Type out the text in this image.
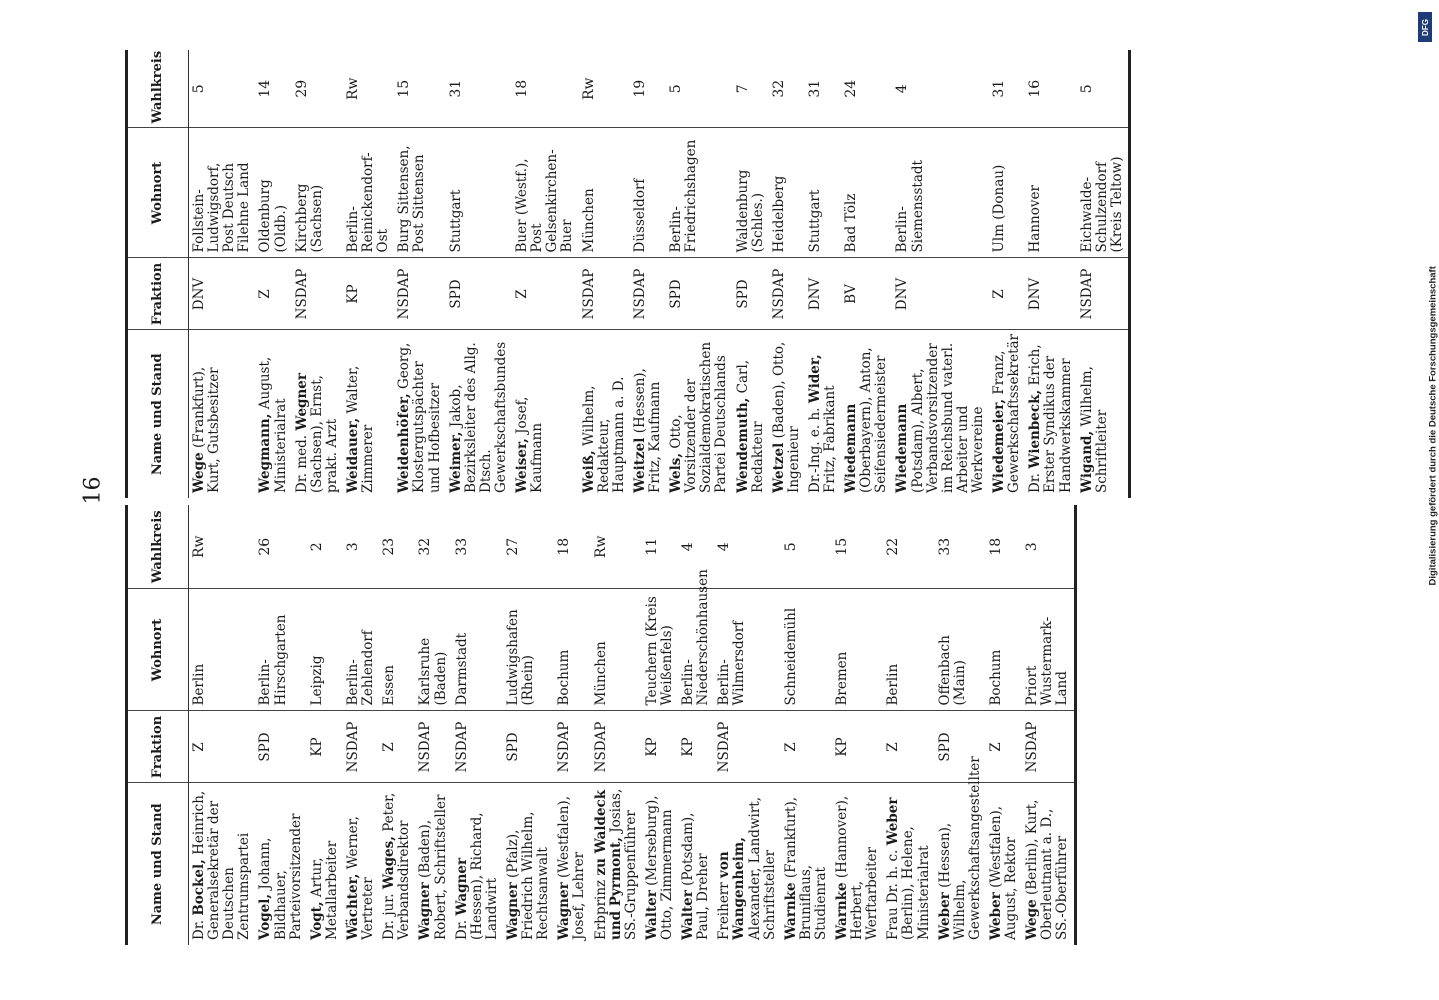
16
Name und Stand	Fraktion	Wohnort	Wahlkreis
Dr. Bockel, Heinrich, Generalsekretär der Deutschen Zentrumspartei	Z	Berlin	Rw
Vogel, Johann, Bildhauer, Parteivorsitzender	SPD	Berlin-Hirschgarten	26
Vogt, Artur, Metallarbeiter	KP	Leipzig	2
Wächter, Werner, Vertreter	NSDAP	Berlin-Zehlendorf	3
Dr. jur. Wages, Peter, Verbandsdirektor	Z	Essen	23
Wagner (Baden), Robert, Schriftsteller	NSDAP	Karlsruhe (Baden)	32
Dr. Wagner (Hessen), Richard, Landwirt	NSDAP	Darmstadt	33
Wagner (Pfalz), Friedrich Wilhelm, Rechtsanwalt	SPD	Ludwigshafen (Rhein)	27
Wagner (Westfalen), Josef, Lehrer	NSDAP	Bochum	18
Erbprinz zu Waldeck und Pyrmont, Josias, SS.-Gruppenführer	NSDAP	München	Rw
Walter (Merseburg), Otto, Zimmermann	KP	Teuchern (Kreis Weißenfels)	11
Walter (Potsdam), Paul, Dreher	KP	Berlin-Niederschönhausen	4
Freiherr von Wangenheim, Alexander, Landwirt, Schriftsteller	NSDAP	Berlin-Wilmersdorf	4
Warnke (Frankfurt), Bruniflaus, Studienrat	Z	Schneidemühl	5
Warnke (Hannover), Herbert, Werftarbeiter	KP	Bremen	15
Frau Dr. h. c. Weber (Berlin), Helene, Ministerialrat	Z	Berlin	22
Weber (Hessen), Wilhelm, Gewerkschaftsangestellter	SPD	Offenbach (Main)	33
Weber (Westfalen), August, Rektor	Z	Bochum	18
Wege (Berlin), Kurt, Oberleutnant a. D., SS.-Oberführer	NSDAP	Priort Wustermark-Land	3
Name und Stand	Fraktion	Wohnort	Wahlkreis
Wege (Frankfurt), Kurt, Gutsbesitzer	DNV	Follstein-Ludwigsdorf, Post Deutsch Filehne Land	5
Wegmann, August, Ministerialrat	Z	Oldenburg (Oldb.)	14
Dr. med. Wegner (Sachsen), Ernst, prakt. Arzt	NSDAP	Kirchberg (Sachsen)	29
Weidauer, Walter, Zimmerer	KP	Berlin-Reinickendorf-Ost	Rw
Weidenhöfer, Georg, Klostergutspächter und Hofbesitzer	NSDAP	Burg Sittensen, Post Sittensen	15
Weimer, Jakob, Bezirksleiter des Allg. Dtsch. Gewerkschaftsbundes	SPD	Stuttgart	31
Weiser, Josef, Kaufmann	Z	Buer (Westf.), Post Gelsenkirchen-Buer	18
Weiß, Wilhelm, Redakteur, Hauptmann a. D.	NSDAP	München	Rw
Weitzel (Hessen), Fritz, Kaufmann	NSDAP	Düsseldorf	19
Wels, Otto, Vorsitzender der Sozialdemokratischen Partei Deutschlands	SPD	Berlin-Friedrichshagen	5
Wendemuth, Carl, Redakteur	SPD	Waldenburg (Schles.)	7
Wetzel (Baden), Otto, Ingenieur	NSDAP	Heidelberg	32
Dr.-Ing. e. h. Wider, Fritz, Fabrikant	DNV	Stuttgart	31
Wiedemann (Oberbayern), Anton, Seifensiedermeister	BV	Bad Tölz	24
Wiedemann (Potsdam), Albert, Verbandsvorsitzender im Reichsbund vaterl. Arbeiter und Werkvereine	DNV	Berlin-Siemensstadt	4
Wiedemeier, Franz, Gewerkschaftssekretär	Z	Ulm (Donau)	31
Dr. Wienbeck, Erich, Erster Syndikus der Handwerkskammer	DNV	Hannover	16
Wigand, Wilhelm, Schriftleiter	NSDAP	Eichwalde-Schulzendorf (Kreis Teltow)	5
Digitalisierung gefördert durch die Deutsche Forschungsgemeinschaft
DFG
